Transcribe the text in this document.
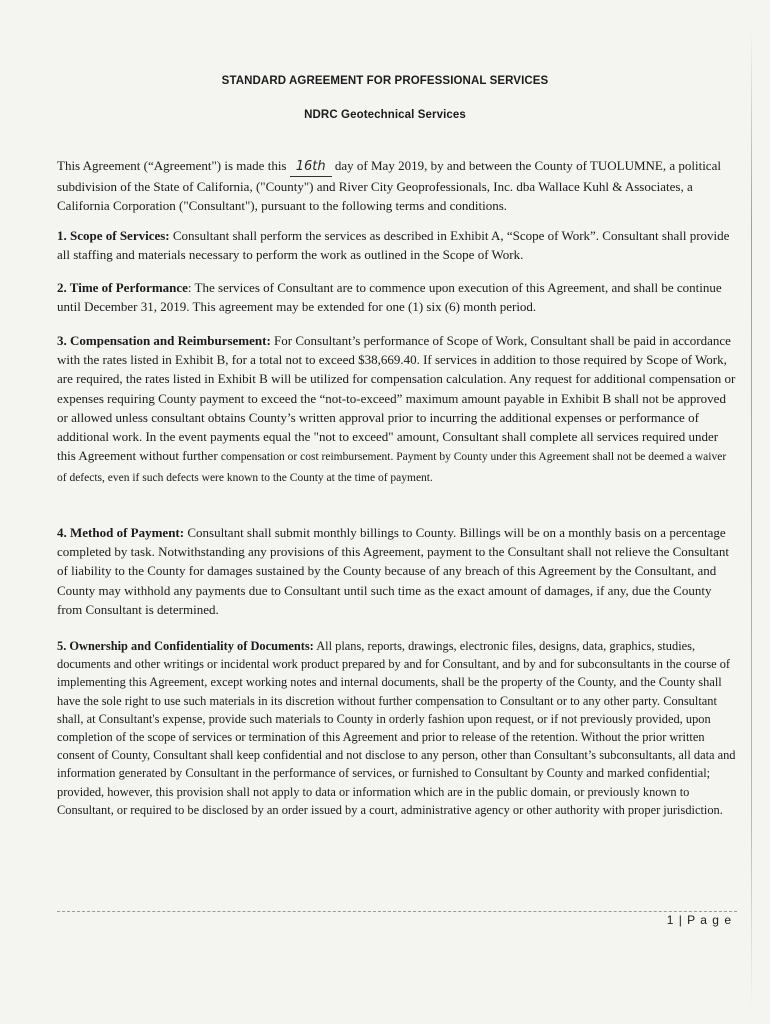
STANDARD AGREEMENT FOR PROFESSIONAL SERVICES
NDRC Geotechnical Services
This Agreement (“Agreement") is made this 16th day of May 2019, by and between the County of TUOLUMNE, a political subdivision of the State of California, ("County") and River City Geoprofessionals, Inc. dba Wallace Kuhl & Associates, a California Corporation ("Consultant"), pursuant to the following terms and conditions.
1. Scope of Services: Consultant shall perform the services as described in Exhibit A, “Scope of Work”. Consultant shall provide all staffing and materials necessary to perform the work as outlined in the Scope of Work.
2. Time of Performance: The services of Consultant are to commence upon execution of this Agreement, and shall be continue until December 31, 2019. This agreement may be extended for one (1) six (6) month period.
3. Compensation and Reimbursement: For Consultant’s performance of Scope of Work, Consultant shall be paid in accordance with the rates listed in Exhibit B, for a total not to exceed $38,669.40. If services in addition to those required by Scope of Work, are required, the rates listed in Exhibit B will be utilized for compensation calculation. Any request for additional compensation or expenses requiring County payment to exceed the “not-to-exceed” maximum amount payable in Exhibit B shall not be approved or allowed unless consultant obtains County’s written approval prior to incurring the additional expenses or performance of additional work. In the event payments equal the "not to exceed" amount, Consultant shall complete all services required under this Agreement without further compensation or cost reimbursement. Payment by County under this Agreement shall not be deemed a waiver of defects, even if such defects were known to the County at the time of payment.
4. Method of Payment: Consultant shall submit monthly billings to County. Billings will be on a monthly basis on a percentage completed by task. Notwithstanding any provisions of this Agreement, payment to the Consultant shall not relieve the Consultant of liability to the County for damages sustained by the County because of any breach of this Agreement by the Consultant, and County may withhold any payments due to Consultant until such time as the exact amount of damages, if any, due the County from Consultant is determined.
5. Ownership and Confidentiality of Documents: All plans, reports, drawings, electronic files, designs, data, graphics, studies, documents and other writings or incidental work product prepared by and for Consultant, and by and for subconsultants in the course of implementing this Agreement, except working notes and internal documents, shall be the property of the County, and the County shall have the sole right to use such materials in its discretion without further compensation to Consultant or to any other party. Consultant shall, at Consultant's expense, provide such materials to County in orderly fashion upon request, or if not previously provided, upon completion of the scope of services or termination of this Agreement and prior to release of the retention. Without the prior written consent of County, Consultant shall keep confidential and not disclose to any person, other than Consultant’s subconsultants, all data and information generated by Consultant in the performance of services, or furnished to Consultant by County and marked confidential; provided, however, this provision shall not apply to data or information which are in the public domain, or previously known to Consultant, or required to be disclosed by an order issued by a court, administrative agency or other authority with proper jurisdiction.
1 | P a g e
